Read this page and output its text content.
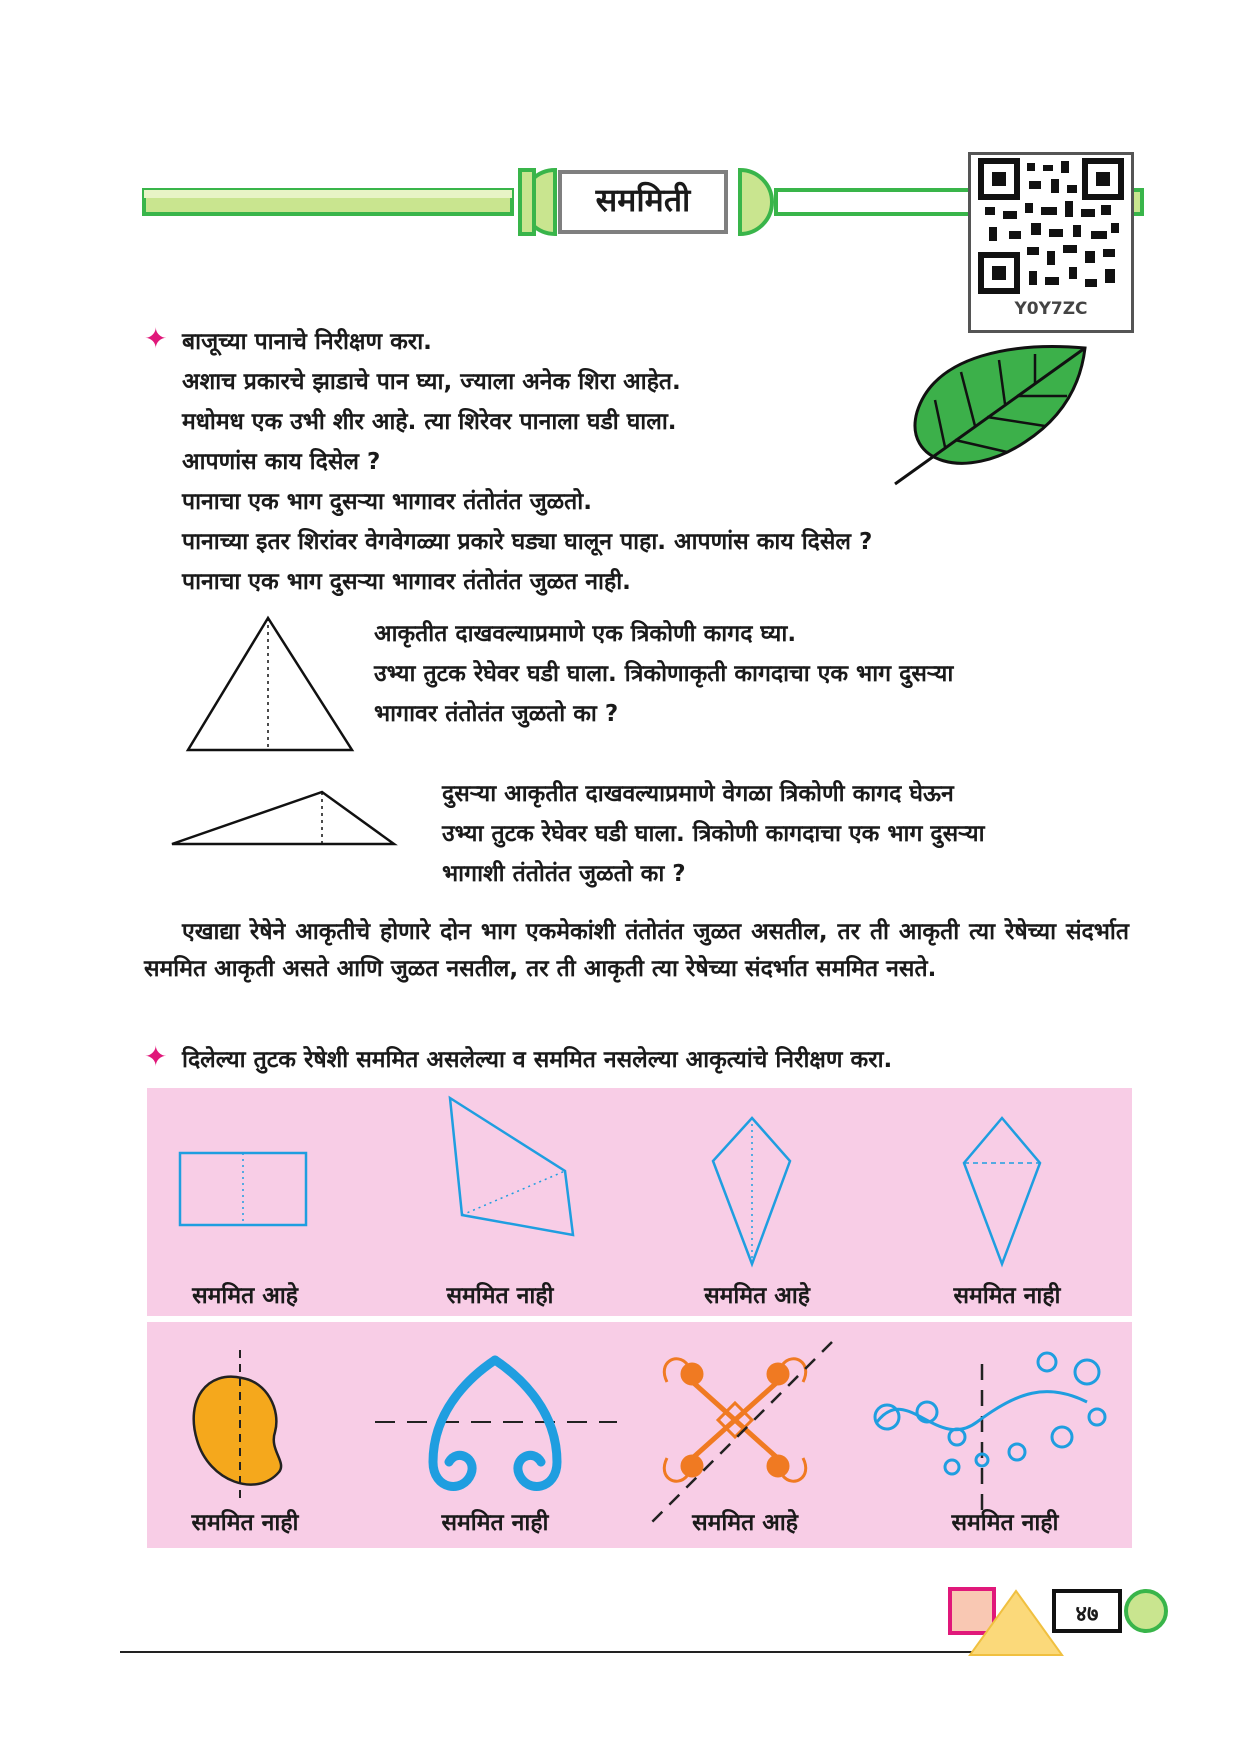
सममिती
Y0Y7ZC
✦ बाजूच्या पानाचे निरीक्षण करा.
अशाच प्रकारचे झाडाचे पान घ्या, ज्याला अनेक शिरा आहेत.
मधोमध एक उभी शीर आहे. त्या शिरेवर पानाला घडी घाला.
आपणांस काय दिसेल ?
पानाचा एक भाग दुसऱ्या भागावर तंतोतंत जुळतो.
पानाच्या इतर शिरांवर वेगवेगळ्या प्रकारे घड्या घालून पाहा. आपणांस काय दिसेल ?
पानाचा एक भाग दुसऱ्या भागावर तंतोतंत जुळत नाही.
आकृतीत दाखवल्याप्रमाणे एक त्रिकोणी कागद घ्या.
उभ्या तुटक रेघेवर घडी घाला. त्रिकोणाकृती कागदाचा एक भाग दुसऱ्या
भागावर तंतोतंत जुळतो का ?
दुसऱ्या आकृतीत दाखवल्याप्रमाणे वेगळा त्रिकोणी कागद घेऊन
उभ्या तुटक रेघेवर घडी घाला. त्रिकोणी कागदाचा एक भाग दुसऱ्या
भागाशी तंतोतंत जुळतो का ?
एखाद्या रेषेने आकृतीचे होणारे दोन भाग एकमेकांशी तंतोतंत जुळत असतील, तर ती आकृती त्या रेषेच्या संदर्भात सममित आकृती असते आणि जुळत नसतील, तर ती आकृती त्या रेषेच्या संदर्भात सममित नसते.
✦ दिलेल्या तुटक रेषेशी सममित असलेल्या व सममित नसलेल्या आकृत्यांचे निरीक्षण करा.
सममित आहे	सममित नाही	सममित आहे	सममित नाही
सममित नाही	सममित नाही	सममित आहे	सममित नाही
४७
